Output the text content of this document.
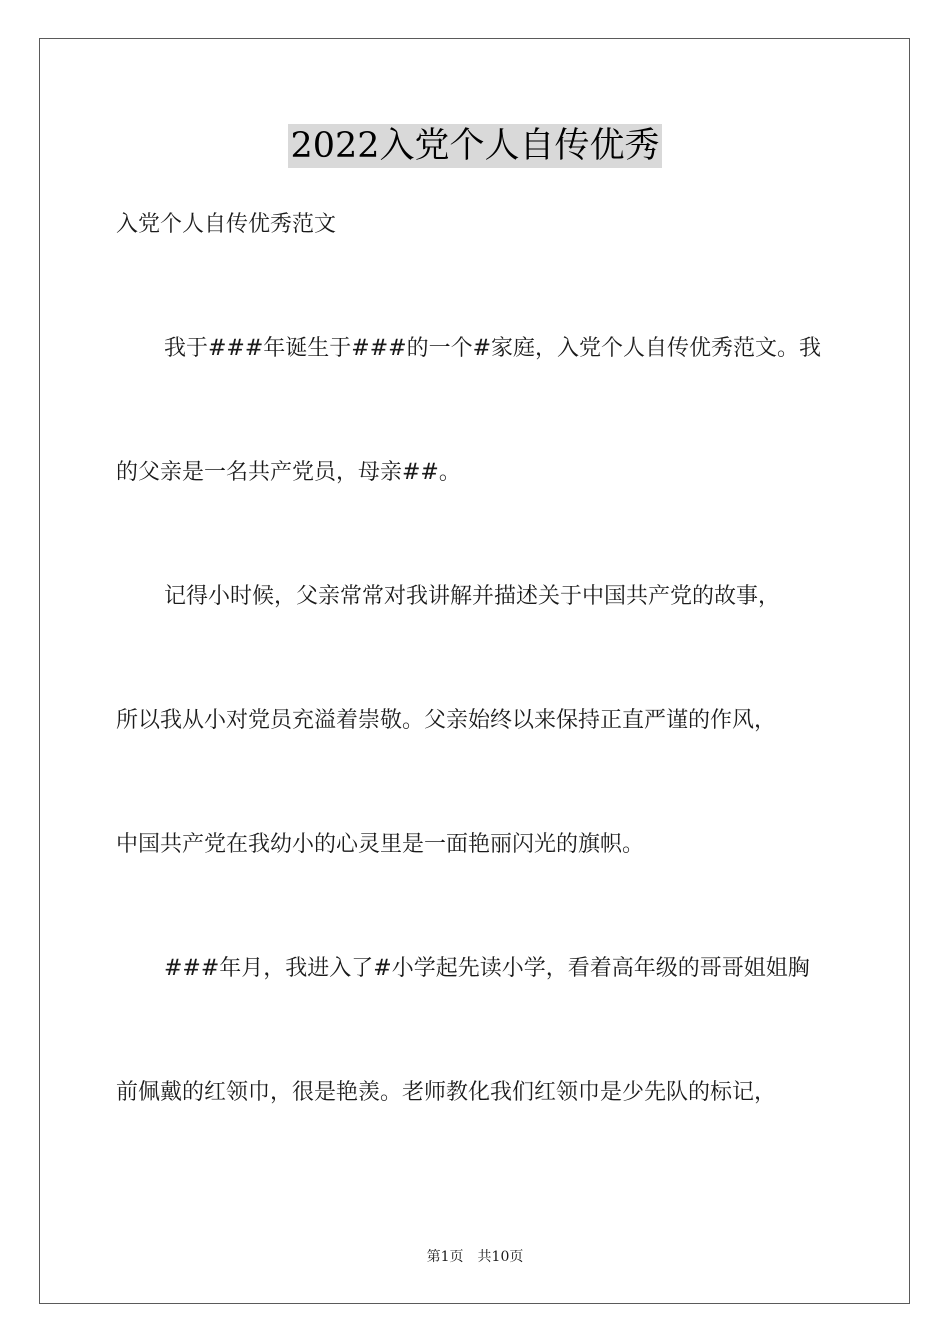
2022入党个人自传优秀
入党个人自传优秀范文
我于###年诞生于###的一个#家庭，入党个人自传优秀范文。我
的父亲是一名共产党员，母亲##。
记得小时候，父亲常常对我讲解并描述关于中国共产党的故事，
所以我从小对党员充溢着崇敬。父亲始终以来保持正直严谨的作风，
中国共产党在我幼小的心灵里是一面艳丽闪光的旗帜。
###年月，我进入了#小学起先读小学，看着高年级的哥哥姐姐胸
前佩戴的红领巾，很是艳羡。老师教化我们红领巾是少先队的标记，
第1页　共10页
